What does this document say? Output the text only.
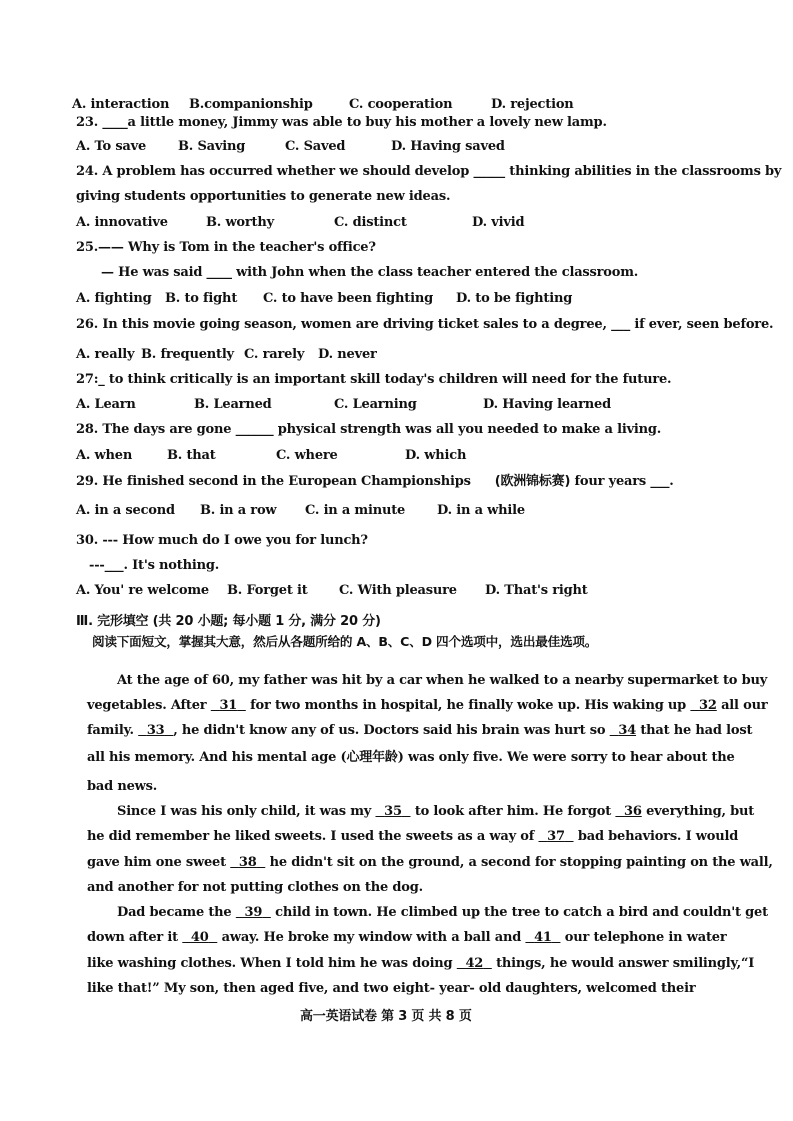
A. interaction B.companionship	C. cooperation	D. rejection
23. ____a little money, Jimmy was able to buy his mother a lovely new lamp.
A. To save B. Saving	C. Saved	D. Having saved
24. A problem has occurred whether we should develop _____ thinking abilities in the classrooms by
giving students opportunities to generate new ideas.
A. innovative	B. worthy	C. distinct	D. vivid
25.—— Why is Tom in the teacher's office?
— He was said ____ with John when the class teacher entered the classroom.
A. fighting B. to fight C. to have been fighting D. to be fighting
26. In this movie going season, women are driving ticket sales to a degree, ___ if ever, seen before.
A. really B. frequently C. rarely D. never
27:_ to think critically is an important skill today's children will need for the future.
A. Learn	B. Learned	C. Learning	D. Having learned
28. The days are gone ______ physical strength was all you needed to make a living.
A. when	B. that	C. where	D. which
29. He finished second in the European Championships (欧洲锦标赛) four years ___.
A. in a second B. in a row C. in a minute D. in a while
30. --- How much do I owe you for lunch?
---___. It's nothing.
A. You' re welcome B. Forget it C. With pleasure D. That's right
Ⅲ. 完形填空 (共 20 小题; 每小题 1 分, 满分 20 分)
阅读下面短文，掌握其大意，然后从各题所给的 A、B、C、D 四个选项中，选出最佳选项。
At the age of 60, my father was hit by a car when he walked to a nearby supermarket to buy
vegetables. After   31   for two months in hospital, he finally woke up. His waking up   32 all our
family.   33 , he didn't know any of us. Doctors said his brain was hurt so   34 that he had lost
all his memory. And his mental age (心理年龄) was only five. We were sorry to hear about the
bad news.
Since I was his only child, it was my   35   to look after him. He forgot   36 everything, but
he did remember he liked sweets. I used the sweets as a way of   37   bad behaviors. I would
gave him one sweet   38   he didn't sit on the ground, a second for stopping painting on the wall,
and another for not putting clothes on the dog.
Dad became the   39   child in town. He climbed up the tree to catch a bird and couldn't get
down after it   40   away. He broke my window with a ball and   41   our telephone in water
like washing clothes. When I told him he was doing   42   things, he would answer smilingly,“I
like that!” My son, then aged five, and two eight- year- old daughters, welcomed their
高一英语试卷 第 3 页 共 8 页
